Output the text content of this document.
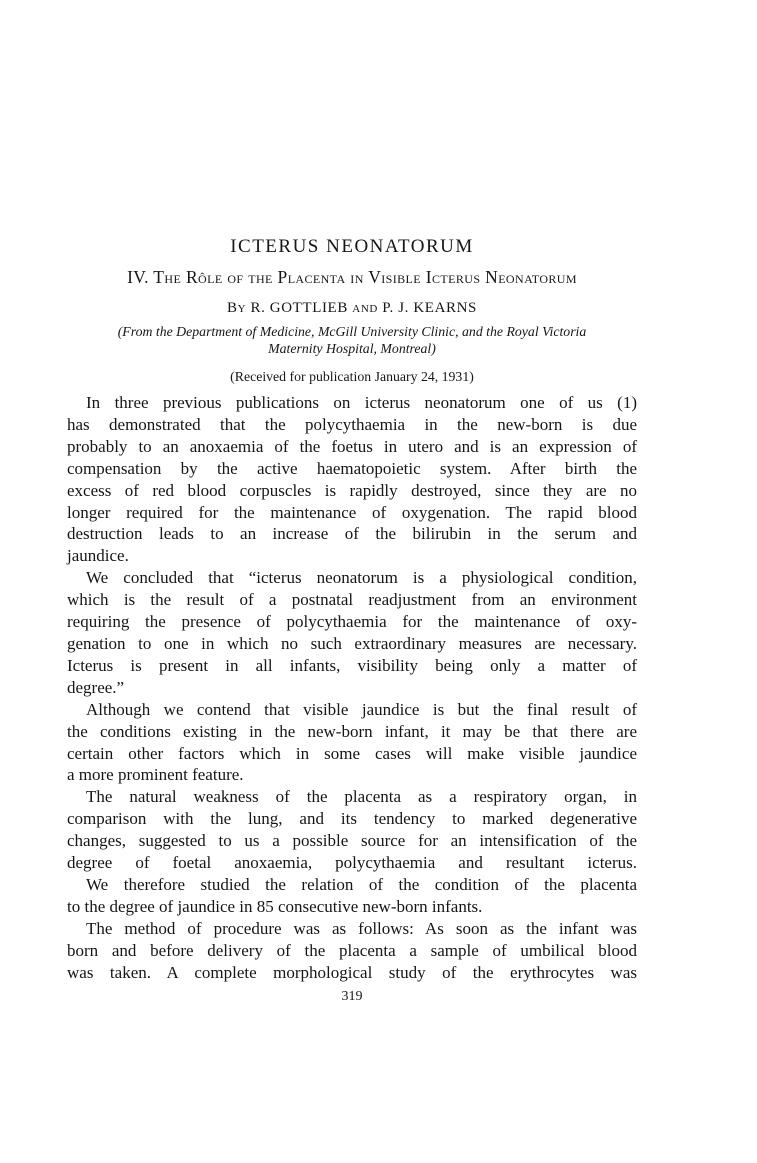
ICTERUS NEONATORUM
IV. The Rôle of the Placenta in Visible Icterus Neonatorum
By R. GOTTLIEB and P. J. KEARNS
(From the Department of Medicine, McGill University Clinic, and the Royal Victoria
Maternity Hospital, Montreal)
(Received for publication January 24, 1931)
In three previous publications on icterus neonatorum one of us (1)
has demonstrated that the polycythaemia in the new-born is due
probably to an anoxaemia of the foetus in utero and is an expression of
compensation by the active haematopoietic system. After birth the
excess of red blood corpuscles is rapidly destroyed, since they are no
longer required for the maintenance of oxygenation. The rapid blood
destruction leads to an increase of the bilirubin in the serum and
jaundice.
We concluded that “icterus neonatorum is a physiological condition,
which is the result of a postnatal readjustment from an environment
requiring the presence of polycythaemia for the maintenance of oxy-
genation to one in which no such extraordinary measures are necessary.
Icterus is present in all infants, visibility being only a matter of
degree.”
Although we contend that visible jaundice is but the final result of
the conditions existing in the new-born infant, it may be that there are
certain other factors which in some cases will make visible jaundice
a more prominent feature.
The natural weakness of the placenta as a respiratory organ, in
comparison with the lung, and its tendency to marked degenerative
changes, suggested to us a possible source for an intensification of the
degree of foetal anoxaemia, polycythaemia and resultant icterus.
We therefore studied the relation of the condition of the placenta
to the degree of jaundice in 85 consecutive new-born infants.
The method of procedure was as follows: As soon as the infant was
born and before delivery of the placenta a sample of umbilical blood
was taken. A complete morphological study of the erythrocytes was
319
